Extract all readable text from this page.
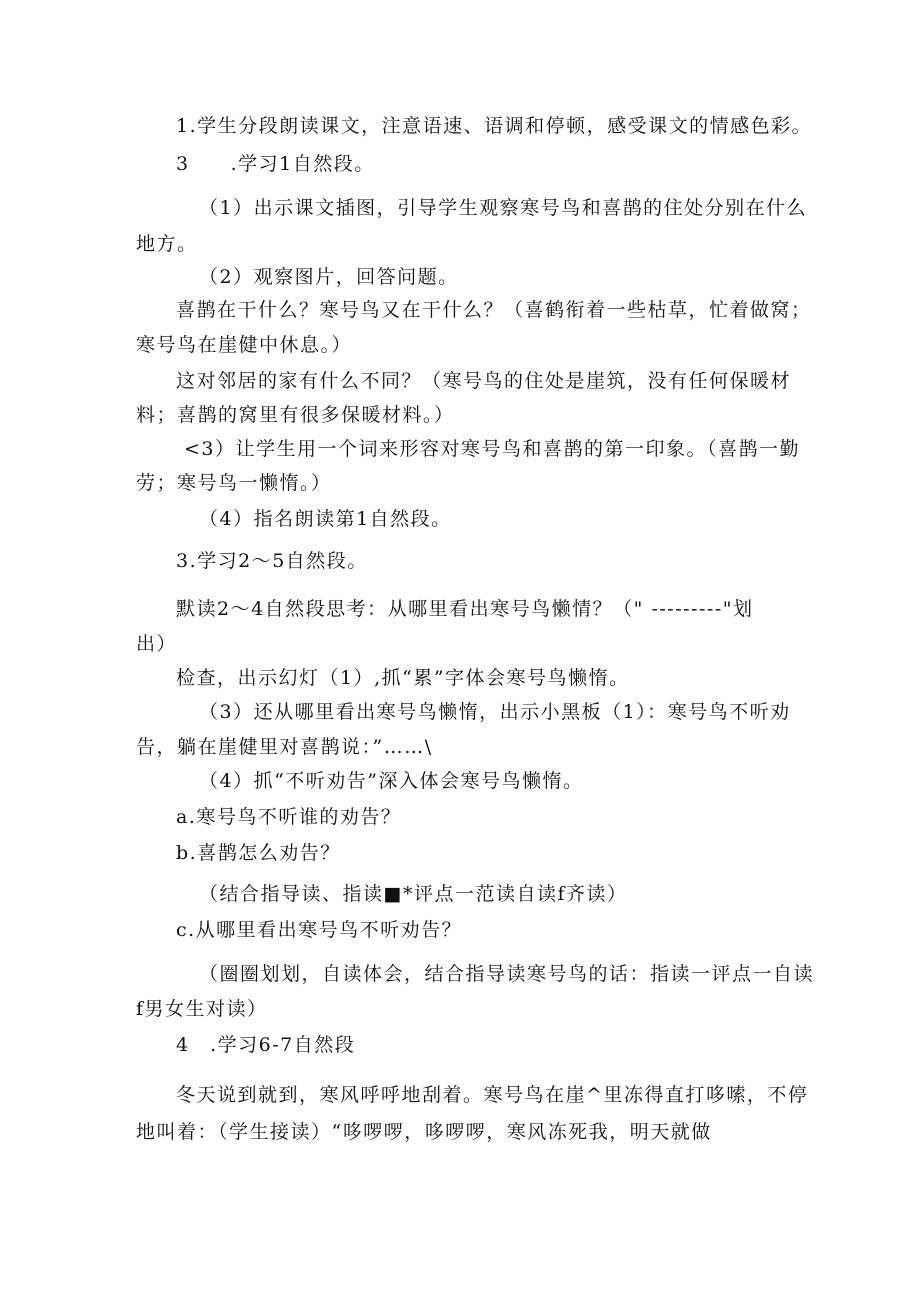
1.学生分段朗读课文，注意语速、语调和停顿，感受课文的情感色彩。
3　　.学习1自然段。
（1）出示课文插图，引导学生观察寒号鸟和喜鹊的住处分别在什么
地方。
（2）观察图片，回答问题。
喜鹊在干什么？寒号鸟又在干什么？（喜鹤衔着一些枯草，忙着做窝；
寒号鸟在崖健中休息。）
这对邻居的家有什么不同？（寒号鸟的住处是崖筑，没有任何保暖材
料；喜鹊的窝里有很多保暖材料。）
<3）让学生用一个词来形容对寒号鸟和喜鹊的第一印象。（喜鹊一勤
劳；寒号鸟一懒惰。）
（4）指名朗读第1自然段。
3.学习2〜5自然段。
默读2〜4自然段思考：从哪里看出寒号鸟懒情？（" ---------"划
出）
检查，出示幻灯（1）,抓“累”字体会寒号鸟懒惰。
（3）还从哪里看出寒号鸟懒惰，出示小黑板（1）：寒号鸟不听劝
告，躺在崖健里对喜鹊说：”……\
（4）抓“不听劝告”深入体会寒号鸟懒惰。
a.寒号鸟不听谁的劝告？
b.喜鹊怎么劝告？
（结合指导读、指读■*评点一范读自读f齐读）
c.从哪里看出寒号鸟不听劝告？
（圈圈划划，自读体会，结合指导读寒号鸟的话：指读一评点一自读
f男女生对读）
4　.学习6-7自然段
冬天说到就到，寒风呼呼地刮着。寒号鸟在崖^里冻得直打哆嗦，不停
地叫着：（学生接读）“哆啰啰，哆啰啰，寒风冻死我，明天就做
